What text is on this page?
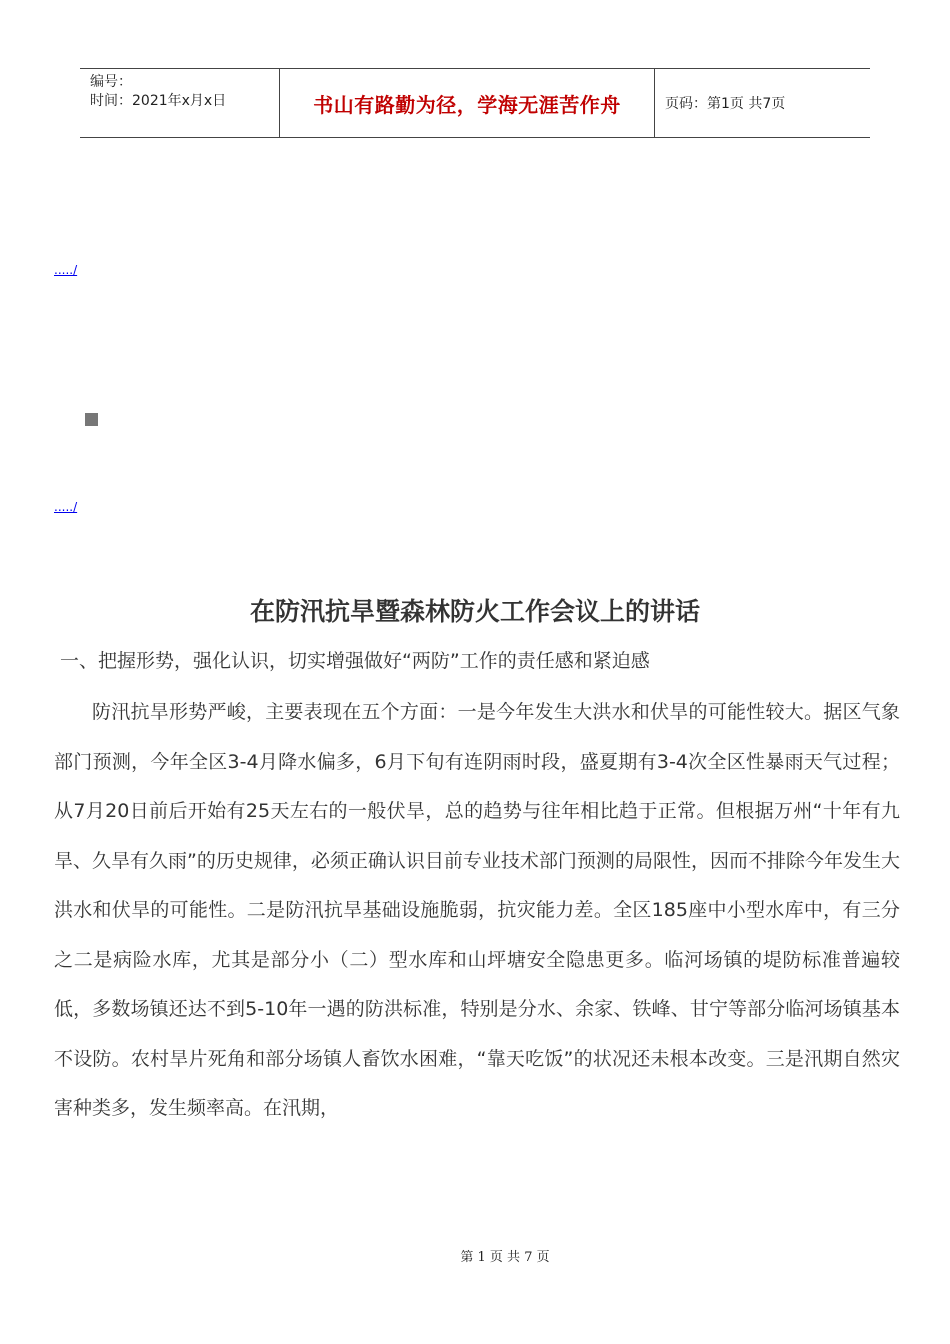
编号：
时间：2021年x月x日	书山有路勤为径，学海无涯苦作舟	页码：第1页 共7页
...../
...../
在防汛抗旱暨森林防火工作会议上的讲话
一、把握形势，强化认识，切实增强做好“两防”工作的责任感和紧迫感
防汛抗旱形势严峻，主要表现在五个方面：一是今年发生大洪水和伏旱的可能性较大。据区气象部门预测，今年全区3-4月降水偏多，6月下旬有连阴雨时段，盛夏期有3-4次全区性暴雨天气过程；从7月20日前后开始有25天左右的一般伏旱，总的趋势与往年相比趋于正常。但根据万州“十年有九旱、久旱有久雨”的历史规律，必须正确认识目前专业技术部门预测的局限性，因而不排除今年发生大洪水和伏旱的可能性。二是防汛抗旱基础设施脆弱，抗灾能力差。全区185座中小型水库中，有三分之二是病险水库，尤其是部分小（二）型水库和山坪塘安全隐患更多。临河场镇的堤防标准普遍较低，多数场镇还达不到5-10年一遇的防洪标准，特别是分水、余家、铁峰、甘宁等部分临河场镇基本不设防。农村旱片死角和部分场镇人畜饮水困难，“靠天吃饭”的状况还未根本改变。三是汛期自然灾害种类多，发生频率高。在汛期，
第 1 页 共 7 页
